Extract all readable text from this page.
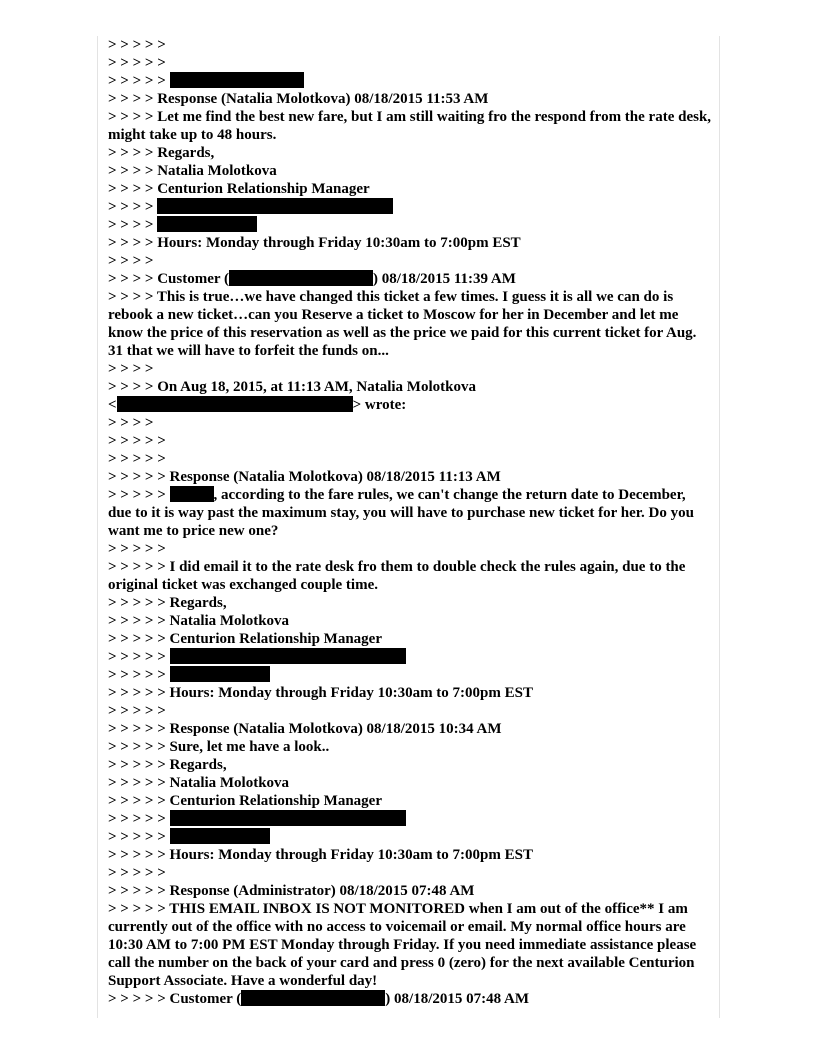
> > > > >
> > > > >
> > > > >
> > > > Response (Natalia Molotkova) 08/18/2015 11:53 AM
> > > > Let me find the best new fare, but I am still waiting fro the respond from the rate desk, might take up to 48 hours.
> > > > Regards,
> > > > Natalia Molotkova
> > > > Centurion Relationship Manager
> > > >
> > > >
> > > > Hours: Monday through Friday 10:30am to 7:00pm EST
> > > >
> > > > Customer (	) 08/18/2015 11:39 AM
> > > > This is true…we have changed this ticket a few times. I guess it is all we can do is rebook a new ticket…can you Reserve a ticket to Moscow for her in December and let me know the price of this reservation as well as the price we paid for this current ticket for Aug. 31 that we will have to forfeit the funds on...
> > > >
> > > > On Aug 18, 2015, at 11:13 AM, Natalia Molotkova
<	> wrote:
> > > >
> > > > >
> > > > >
> > > > > Response (Natalia Molotkova) 08/18/2015 11:13 AM
> > > > >	, according to the fare rules, we can't change the return date to December, due to it is way past the maximum stay, you will have to purchase new ticket for her. Do you want me to price new one?
> > > > >
> > > > > I did email it to the rate desk fro them to double check the rules again, due to the original ticket was exchanged couple time.
> > > > > Regards,
> > > > > Natalia Molotkova
> > > > > Centurion Relationship Manager
> > > > >
> > > > >
> > > > > Hours: Monday through Friday 10:30am to 7:00pm EST
> > > > >
> > > > > Response (Natalia Molotkova) 08/18/2015 10:34 AM
> > > > > Sure, let me have a look..
> > > > > Regards,
> > > > > Natalia Molotkova
> > > > > Centurion Relationship Manager
> > > > >
> > > > >
> > > > > Hours: Monday through Friday 10:30am to 7:00pm EST
> > > > >
> > > > > Response (Administrator) 08/18/2015 07:48 AM
> > > > > THIS EMAIL INBOX IS NOT MONITORED when I am out of the office** I am currently out of the office with no access to voicemail or email. My normal office hours are 10:30 AM to 7:00 PM EST Monday through Friday. If you need immediate assistance please call the number on the back of your card and press 0 (zero) for the next available Centurion Support Associate. Have a wonderful day!
> > > > > Customer (	) 08/18/2015 07:48 AM
